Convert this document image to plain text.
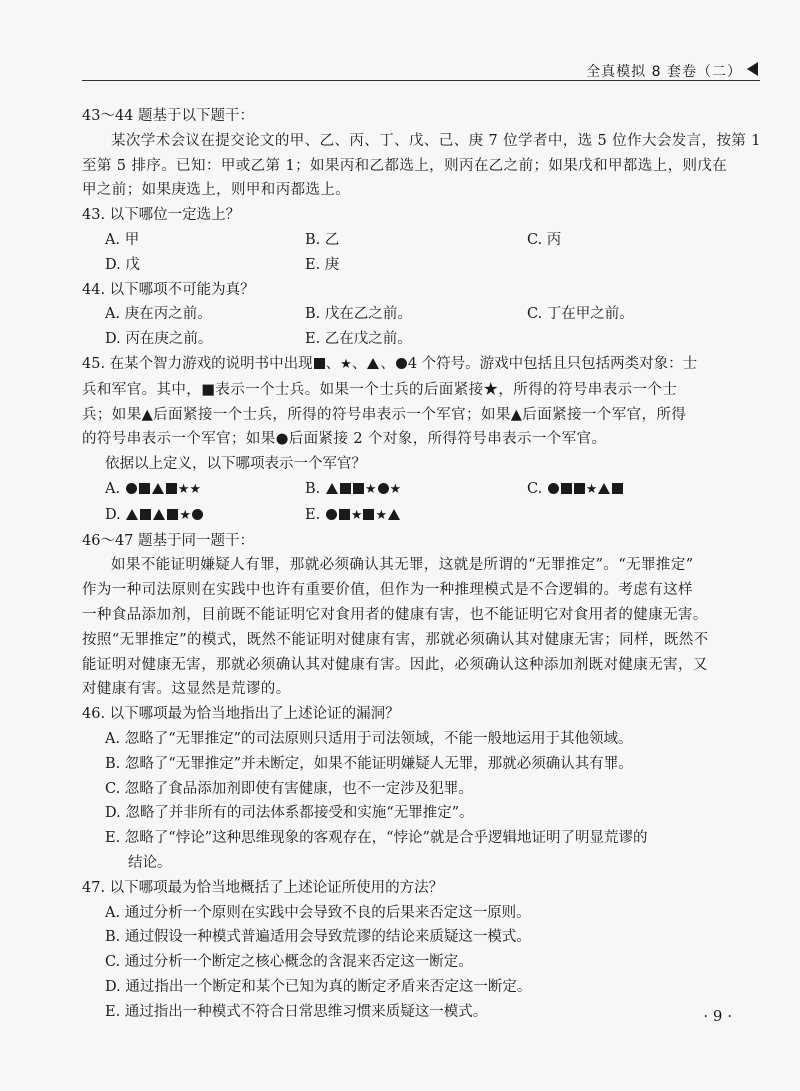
全真模拟 8 套卷（二）
43～44 题基于以下题干：
某次学术会议在提交论文的甲、乙、丙、丁、戊、己、庚 7 位学者中，选 5 位作大会发言，按第 1
至第 5 排序。已知：甲或乙第 1；如果丙和乙都选上，则丙在乙之前；如果戊和甲都选上，则戊在
甲之前；如果庚选上，则甲和丙都选上。
43. 以下哪位一定选上？
A. 甲	B. 乙	C. 丙
D. 戊	E. 庚
44. 以下哪项不可能为真？
A. 庚在丙之前。	B. 戊在乙之前。	C. 丁在甲之前。
D. 丙在庚之前。	E. 乙在戊之前。
45. 在某个智力游戏的说明书中出现 、★、 、 4 个符号。游戏中包括且只包括两类对象：士
兵和军官。其中，■表示一个士兵。如果一个士兵的后面紧接★，所得的符号串表示一个士
兵；如果▲后面紧接一个士兵，所得的符号串表示一个军官；如果▲后面紧接一个军官，所得
的符号串表示一个军官；如果●后面紧接 2 个对象，所得符号串表示一个军官。
依据以上定义，以下哪项表示一个军官？
A.	★★	B.	★ ★	C.	★
D.	★	E. ★ ★
46～47 题基于同一题干：
如果不能证明嫌疑人有罪，那就必须确认其无罪，这就是所谓的“无罪推定”。“无罪推定”
作为一种司法原则在实践中也许有重要价值，但作为一种推理模式是不合逻辑的。考虑有这样
一种食品添加剂，目前既不能证明它对食用者的健康有害，也不能证明它对食用者的健康无害。
按照“无罪推定”的模式，既然不能证明对健康有害，那就必须确认其对健康无害；同样，既然不
能证明对健康无害，那就必须确认其对健康有害。因此，必须确认这种添加剂既对健康无害，又
对健康有害。这显然是荒谬的。
46. 以下哪项最为恰当地指出了上述论证的漏洞？
A. 忽略了“无罪推定”的司法原则只适用于司法领域，不能一般地运用于其他领域。
B. 忽略了“无罪推定”并未断定，如果不能证明嫌疑人无罪，那就必须确认其有罪。
C. 忽略了食品添加剂即使有害健康，也不一定涉及犯罪。
D. 忽略了并非所有的司法体系都接受和实施“无罪推定”。
E. 忽略了“悖论”这种思维现象的客观存在，“悖论”就是合乎逻辑地证明了明显荒谬的
结论。
47. 以下哪项最为恰当地概括了上述论证所使用的方法？
A. 通过分析一个原则在实践中会导致不良的后果来否定这一原则。
B. 通过假设一种模式普遍适用会导致荒谬的结论来质疑这一模式。
C. 通过分析一个断定之核心概念的含混来否定这一断定。
D. 通过指出一个断定和某个已知为真的断定矛盾来否定这一断定。
E. 通过指出一种模式不符合日常思维习惯来质疑这一模式。	· 9 ·
